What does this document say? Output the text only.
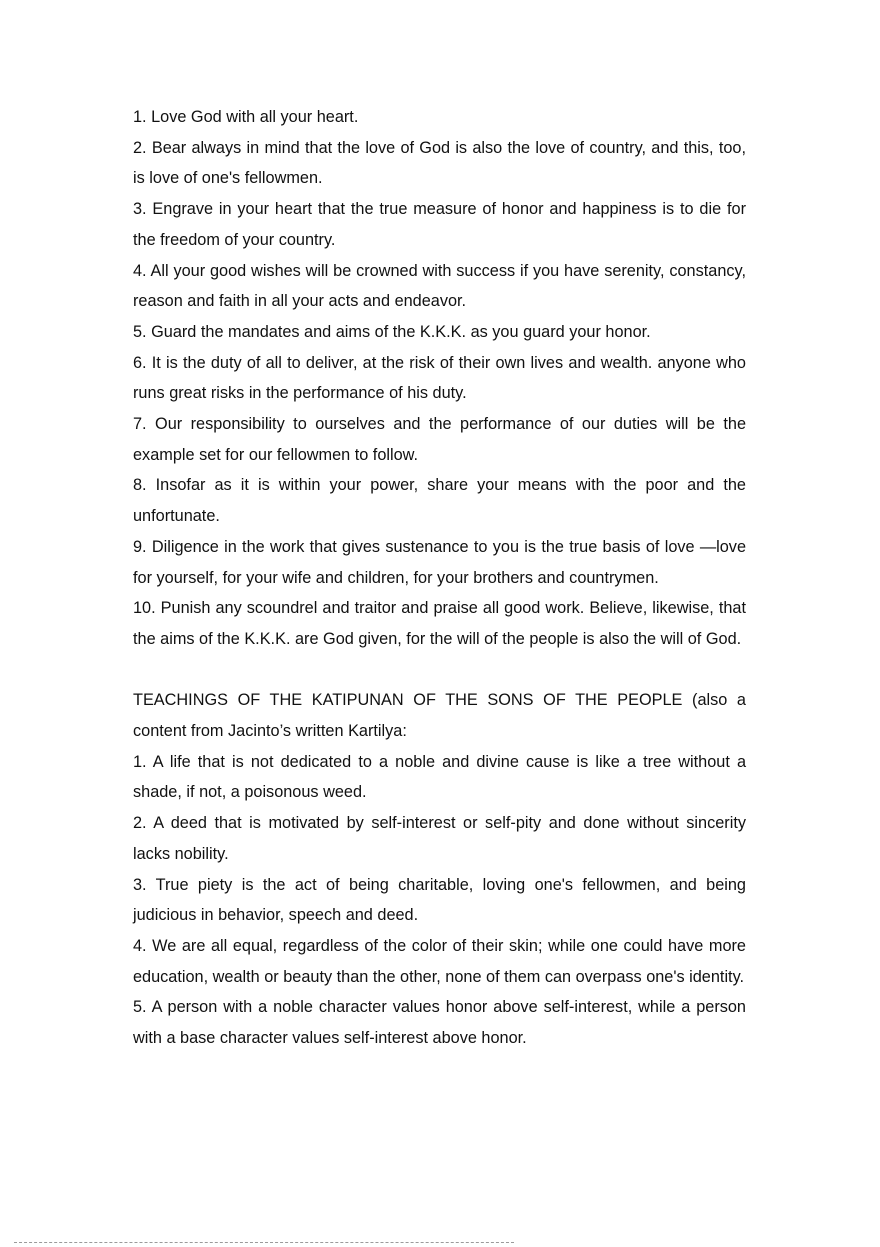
1. Love God with all your heart.

2. Bear always in mind that the love of God is also the love of country, and this, too, is love of one's fellowmen.

3. Engrave in your heart that the true measure of honor and happiness is to die for the freedom of your country.

4. All your good wishes will be crowned with success if you have serenity, constancy, reason and faith in all your acts and endeavor.

5. Guard the mandates and aims of the K.K.K. as you guard your honor.

6. It is the duty of all to deliver, at the risk of their own lives and wealth. anyone who runs great risks in the performance of his duty.

7. Our responsibility to ourselves and the performance of our duties will be the example set for our fellowmen to follow.

8. Insofar as it is within your power, share your means with the poor and the unfortunate.

9. Diligence in the work that gives sustenance to you is the true basis of love —love for yourself, for your wife and children, for your brothers and countrymen.

10. Punish any scoundrel and traitor and praise all good work. Believe, likewise, that the aims of the K.K.K. are God given, for the will of the people is also the will of God.

TEACHINGS OF THE KATIPUNAN OF THE SONS OF THE PEOPLE (also a content from Jacinto’s written Kartilya:

1. A life that is not dedicated to a noble and divine cause is like a tree without a shade, if not, a poisonous weed.

2. A deed that is motivated by self-interest or self-pity and done without sincerity lacks nobility.

3. True piety is the act of being charitable, loving one's fellowmen, and being judicious in behavior, speech and deed.

4. We are all equal, regardless of the color of their skin; while one could have more education, wealth or beauty than the other, none of them can overpass one's identity.

5. A person with a noble character values honor above self-interest, while a person with a base character values self-interest above honor.
